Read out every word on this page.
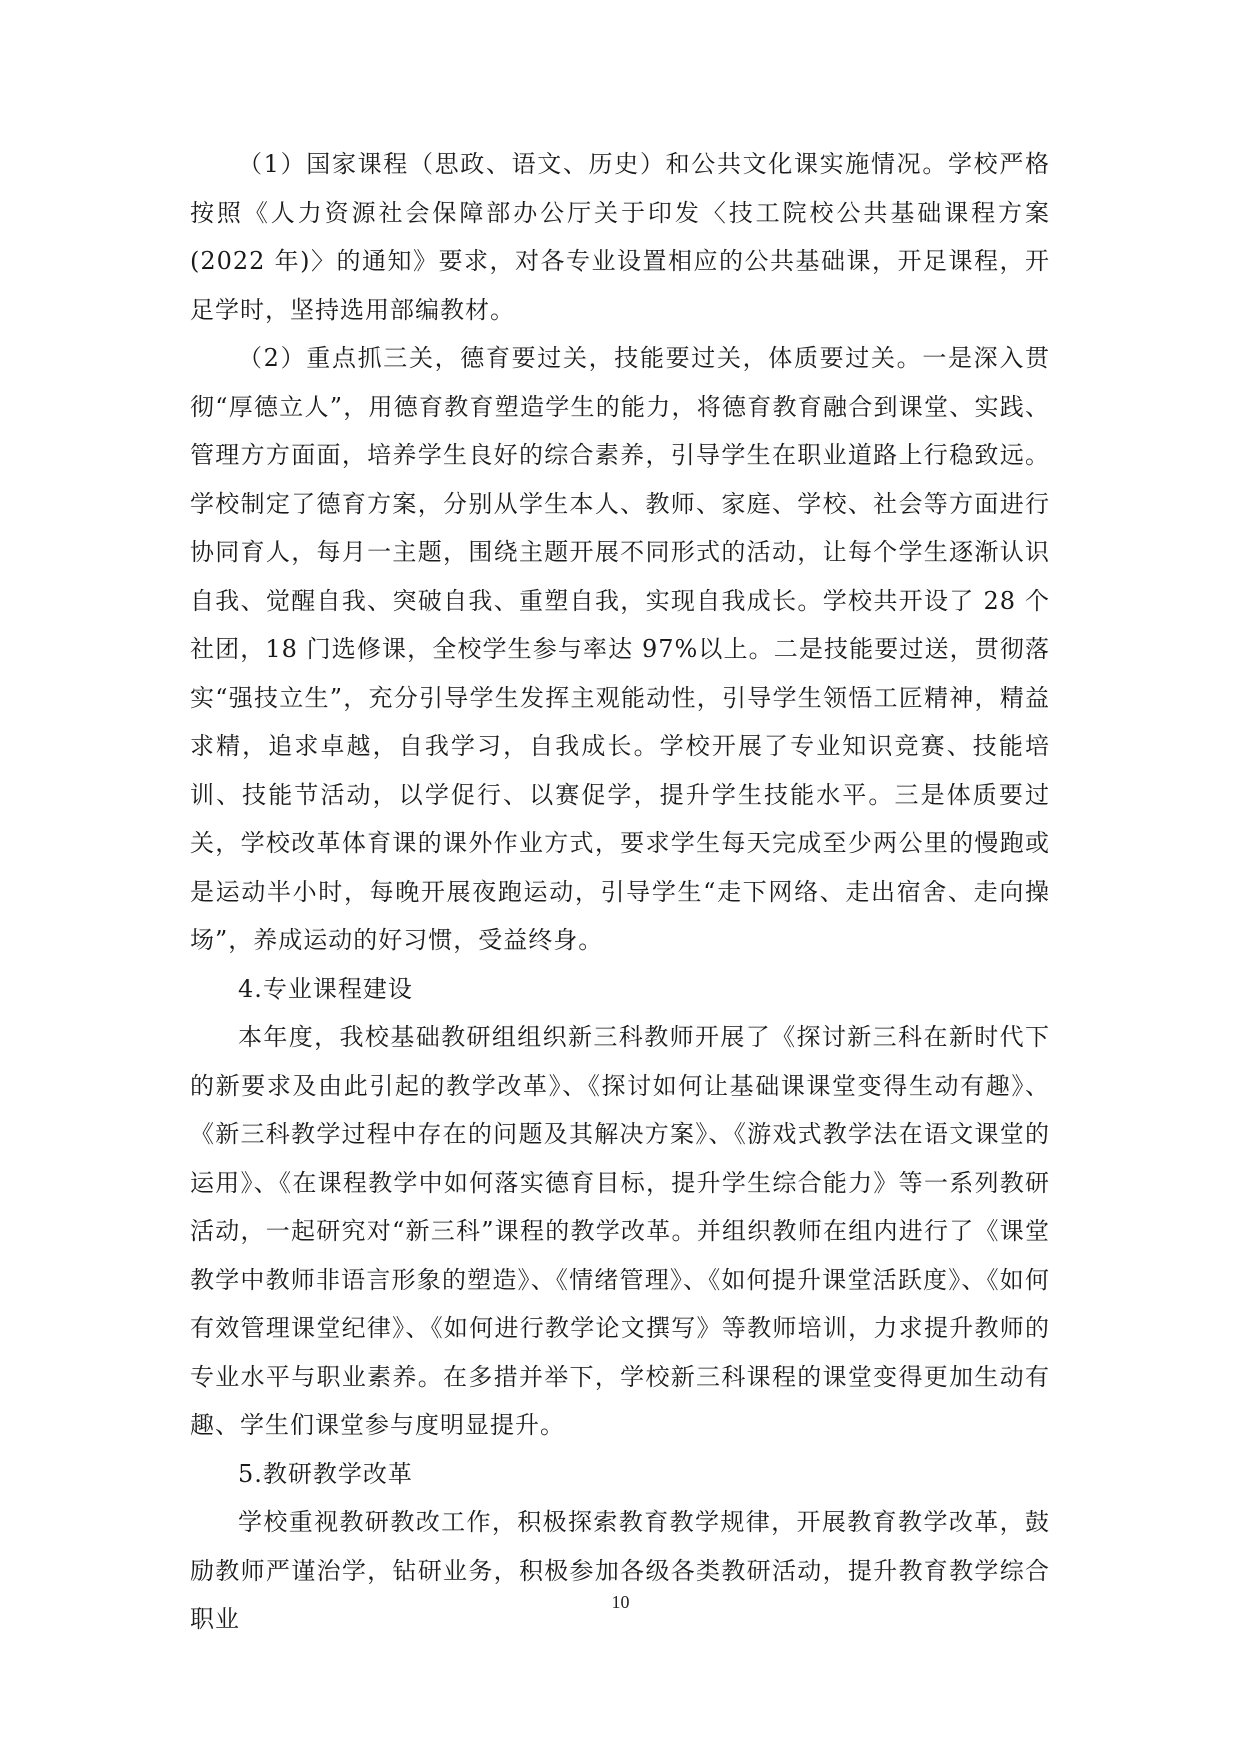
（1）国家课程（思政、语文、历史）和公共文化课实施情况。学校严格按照《人力资源社会保障部办公厅关于印发〈技工院校公共基础课程方案(2022 年)〉的通知》要求，对各专业设置相应的公共基础课，开足课程，开足学时，坚持选用部编教材。

（2）重点抓三关，德育要过关，技能要过关，体质要过关。一是深入贯彻“厚德立人”，用德育教育塑造学生的能力，将德育教育融合到课堂、实践、管理方方面面，培养学生良好的综合素养，引导学生在职业道路上行稳致远。学校制定了德育方案，分别从学生本人、教师、家庭、学校、社会等方面进行协同育人，每月一主题，围绕主题开展不同形式的活动，让每个学生逐渐认识自我、觉醒自我、突破自我、重塑自我，实现自我成长。学校共开设了 28 个社团，18 门选修课，全校学生参与率达 97%以上。二是技能要过送，贯彻落实“强技立生”，充分引导学生发挥主观能动性，引导学生领悟工匠精神，精益求精，追求卓越，自我学习，自我成长。学校开展了专业知识竞赛、技能培训、技能节活动，以学促行、以赛促学，提升学生技能水平。三是体质要过关，学校改革体育课的课外作业方式，要求学生每天完成至少两公里的慢跑或是运动半小时，每晚开展夜跑运动，引导学生“走下网络、走出宿舍、走向操场”，养成运动的好习惯，受益终身。

4.专业课程建设

本年度，我校基础教研组组织新三科教师开展了《探讨新三科在新时代下的新要求及由此引起的教学改革》、《探讨如何让基础课课堂变得生动有趣》、《新三科教学过程中存在的问题及其解决方案》、《游戏式教学法在语文课堂的运用》、《在课程教学中如何落实德育目标，提升学生综合能力》等一系列教研活动，一起研究对“新三科”课程的教学改革。并组织教师在组内进行了《课堂教学中教师非语言形象的塑造》、《情绪管理》、《如何提升课堂活跃度》、《如何有效管理课堂纪律》、《如何进行教学论文撰写》等教师培训，力求提升教师的专业水平与职业素养。在多措并举下，学校新三科课程的课堂变得更加生动有趣、学生们课堂参与度明显提升。

5.教研教学改革

学校重视教研教改工作，积极探索教育教学规律，开展教育教学改革，鼓励教师严谨治学，钻研业务，积极参加各级各类教研活动，提升教育教学综合职业

10
